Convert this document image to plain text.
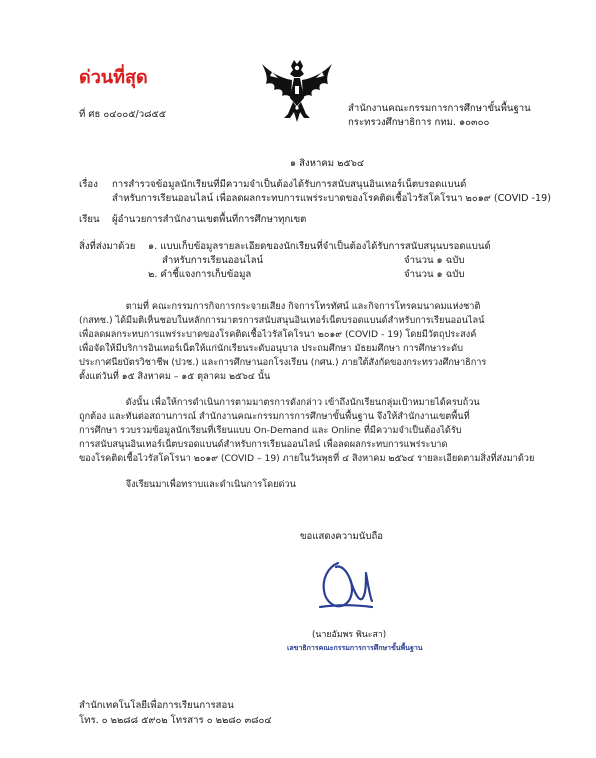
ด่วนที่สุด
ที่ ศธ ๐๔๐๐๕/ว๘๕๕
สำนักงานคณะกรรมการการศึกษาขั้นพื้นฐาน
กระทรวงศึกษาธิการ กทม. ๑๐๓๐๐
๑ สิงหาคม ๒๕๖๔
เรื่อง การสำรวจข้อมูลนักเรียนที่มีความจำเป็นต้องได้รับการสนับสนุนอินเทอร์เน็ตบรอดแบนด์
สำหรับการเรียนออนไลน์ เพื่อลดผลกระทบการแพร่ระบาดของโรคติดเชื้อไวรัสโคโรนา ๒๐๑๙ (COVID -19)
เรียน ผู้อำนวยการสำนักงานเขตพื้นที่การศึกษาทุกเขต
สิ่งที่ส่งมาด้วย ๑. แบบเก็บข้อมูลรายละเอียดของนักเรียนที่จำเป็นต้องได้รับการสนับสนุนบรอดแบนด์
สำหรับการเรียนออนไลน์	จำนวน ๑ ฉบับ
๒. คำชี้แจงการเก็บข้อมูล	จำนวน ๑ ฉบับ
ตามที่ คณะกรรมการกิจการกระจายเสียง กิจการโทรทัศน์ และกิจการโทรคมนาคมแห่งชาติ
(กสทช.) ได้มีมติเห็นชอบในหลักการมาตรการสนับสนุนอินเทอร์เน็ตบรอดแบนด์สำหรับการเรียนออนไลน์
เพื่อลดผลกระทบการแพร่ระบาดของโรคติดเชื้อไวรัสโคโรนา ๒๐๑๙ (COVID - 19) โดยมีวัตถุประสงค์
เพื่อจัดให้มีบริการอินเทอร์เน็ตให้แก่นักเรียนระดับอนุบาล ประถมศึกษา มัธยมศึกษา การศึกษาระดับ
ประกาศนียบัตรวิชาชีพ (ปวช.) และการศึกษานอกโรงเรียน (กศน.) ภายใต้สังกัดของกระทรวงศึกษาธิการ
ตั้งแต่วันที่ ๑๕ สิงหาคม – ๑๕ ตุลาคม ๒๕๖๔ นั้น
ดังนั้น เพื่อให้การดำเนินการตามมาตรการดังกล่าว เข้าถึงนักเรียนกลุ่มเป้าหมายได้ครบถ้วน
ถูกต้อง และทันต่อสถานการณ์ สำนักงานคณะกรรมการการศึกษาขั้นพื้นฐาน จึงให้สำนักงานเขตพื้นที่
การศึกษา รวบรวมข้อมูลนักเรียนที่เรียนแบบ On-Demand และ Online ที่มีความจำเป็นต้องได้รับ
การสนับสนุนอินเทอร์เน็ตบรอดแบนด์สำหรับการเรียนออนไลน์ เพื่อลดผลกระทบการแพร่ระบาด
ของโรคติดเชื้อไวรัสโคโรนา ๒๐๑๙ (COVID – 19) ภายในวันพุธที่ ๔ สิงหาคม ๒๕๖๔ รายละเอียดตามสิ่งที่ส่งมาด้วย
จึงเรียนมาเพื่อทราบและดำเนินการโดยด่วน
ขอแสดงความนับถือ
(นายอัมพร พินะสา)
เลขาธิการคณะกรรมการการศึกษาขั้นพื้นฐาน
สำนักเทคโนโลยีเพื่อการเรียนการสอน
โทร. ๐ ๒๒๘๘ ๕๙๐๒ โทรสาร ๐ ๒๒๘๐ ๓๘๐๔
